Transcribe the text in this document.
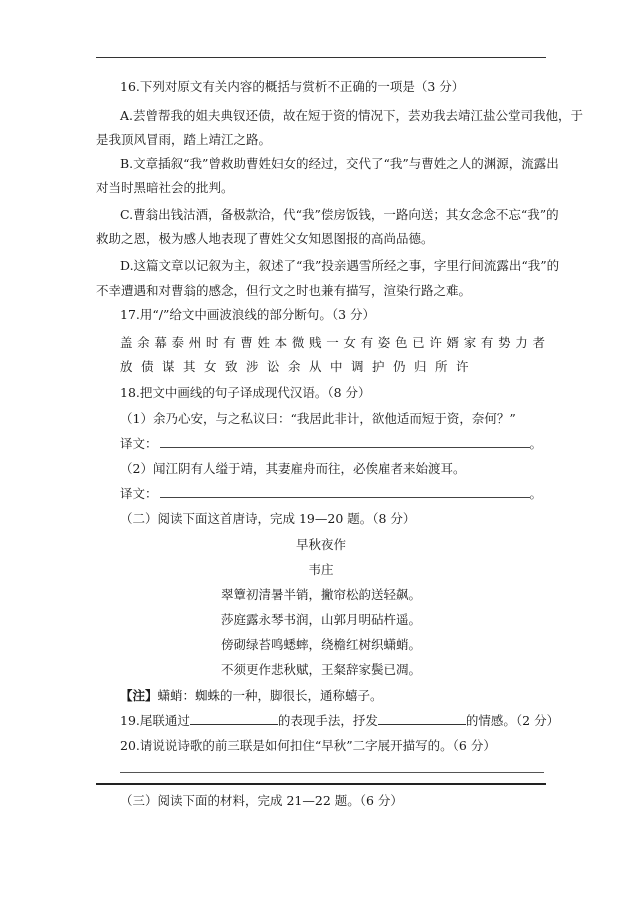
16.下列对原文有关内容的概括与赏析不正确的一项是（3 分）
A.芸曾帮我的姐夫典钗还债，故在短于资的情况下，芸劝我去靖江盐公堂司我他，于
是我顶风冒雨，踏上靖江之路。
B.文章插叙“我”曾救助曹姓妇女的经过，交代了“我”与曹姓之人的渊源，流露出
对当时黑暗社会的批判。
C.曹翁出钱沽酒，备极款洽，代“我”偿房饭钱，一路向送；其女念念不忘“我”的
救助之恩，极为感人地表现了曹姓父女知恩图报的高尚品德。
D.这篇文章以记叙为主，叙述了“我”投亲遇雪所经之事，字里行间流露出“我”的
不幸遭遇和对曹翁的感念，但行文之时也兼有描写，渲染行路之难。
17.用“/”给文中画波浪线的部分断句。（3 分）
盖余幕泰州时有曹姓本微贱一女有姿色已许婿家有势力者
放债谋其女致涉讼余从中调护仍归所许
18.把文中画线的句子译成现代汉语。（8 分）
（1）余乃心安，与之私议曰：“我居此非计，欲他适而短于资，奈何？”
译文：	。
（2）闻江阴有人缢于靖，其妻雇舟而往，必俟雇者来始渡耳。
译文：	。
（二）阅读下面这首唐诗，完成 19—20 题。（8 分）
早秋夜作
韦庄
翠簟初清暑半销，撇帘松韵送轻飙。
莎庭露永琴书润，山郭月明砧杵遥。
傍砌绿苔鸣蟋蟀，绕檐红树织蟏蛸。
不须更作悲秋赋，王粲辞家鬓已凋。
【注】蟏蛸：蜘蛛的一种，脚很长，通称蟢子。
19.尾联通过	的表现手法，抒发	的情感。（2 分）
20.请说说诗歌的前三联是如何扣住“早秋”二字展开描写的。（6 分）
（三）阅读下面的材料，完成 21—22 题。（6 分）
